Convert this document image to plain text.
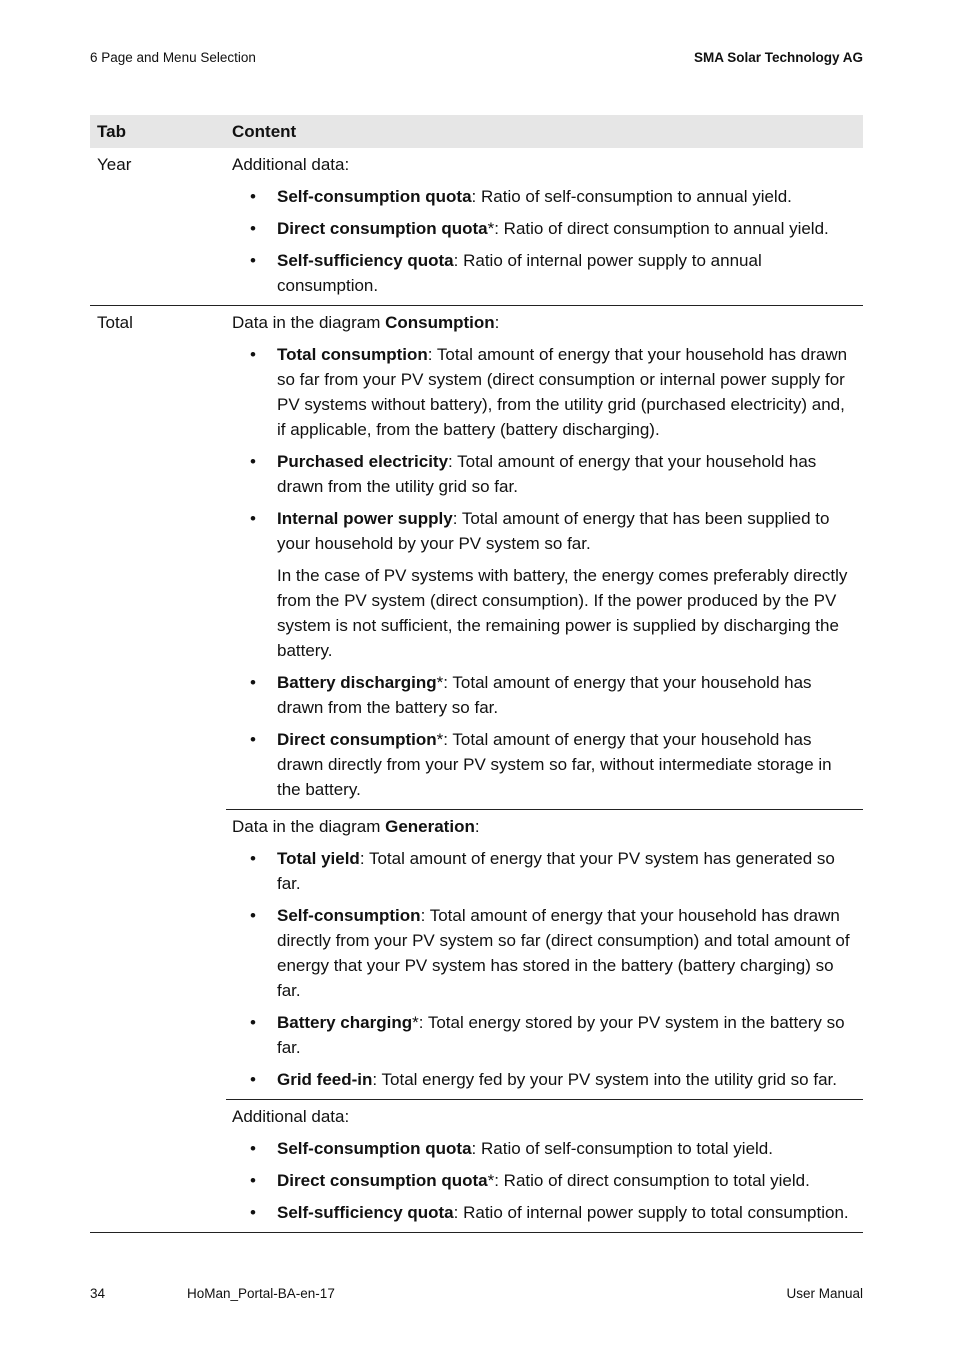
6 Page and Menu Selection	SMA Solar Technology AG
Tab	Content
Year	Additional data:

• Self-consumption quota: Ratio of self-consumption to annual yield.
• Direct consumption quota*: Ratio of direct consumption to annual yield.
• Self-sufficiency quota: Ratio of internal power supply to annual consumption.
Total	Data in the diagram Consumption:

• Total consumption: Total amount of energy that your household has drawn so far from your PV system (direct consumption or internal power supply for PV systems without battery), from the utility grid (purchased electricity) and, if applicable, from the battery (battery discharging).
• Purchased electricity: Total amount of energy that your household has drawn from the utility grid so far.
• Internal power supply: Total amount of energy that has been supplied to your household by your PV system so far.

In the case of PV systems with battery, the energy comes preferably directly from the PV system (direct consumption). If the power produced by the PV system is not sufficient, the remaining power is supplied by discharging the battery.

• Battery discharging*: Total amount of energy that your household has drawn from the battery so far.
• Direct consumption*: Total amount of energy that your household has drawn directly from your PV system so far, without intermediate storage in the battery.

Data in the diagram Generation:

• Total yield: Total amount of energy that your PV system has generated so far.
• Self-consumption: Total amount of energy that your household has drawn directly from your PV system so far (direct consumption) and total amount of energy that your PV system has stored in the battery (battery charging) so far.
• Battery charging*: Total energy stored by your PV system in the battery so far.
• Grid feed-in: Total energy fed by your PV system into the utility grid so far.

Additional data:

• Self-consumption quota: Ratio of self-consumption to total yield.
• Direct consumption quota*: Ratio of direct consumption to total yield.
• Self-sufficiency quota: Ratio of internal power supply to total consumption.
34	HoMan_Portal-BA-en-17	User Manual
